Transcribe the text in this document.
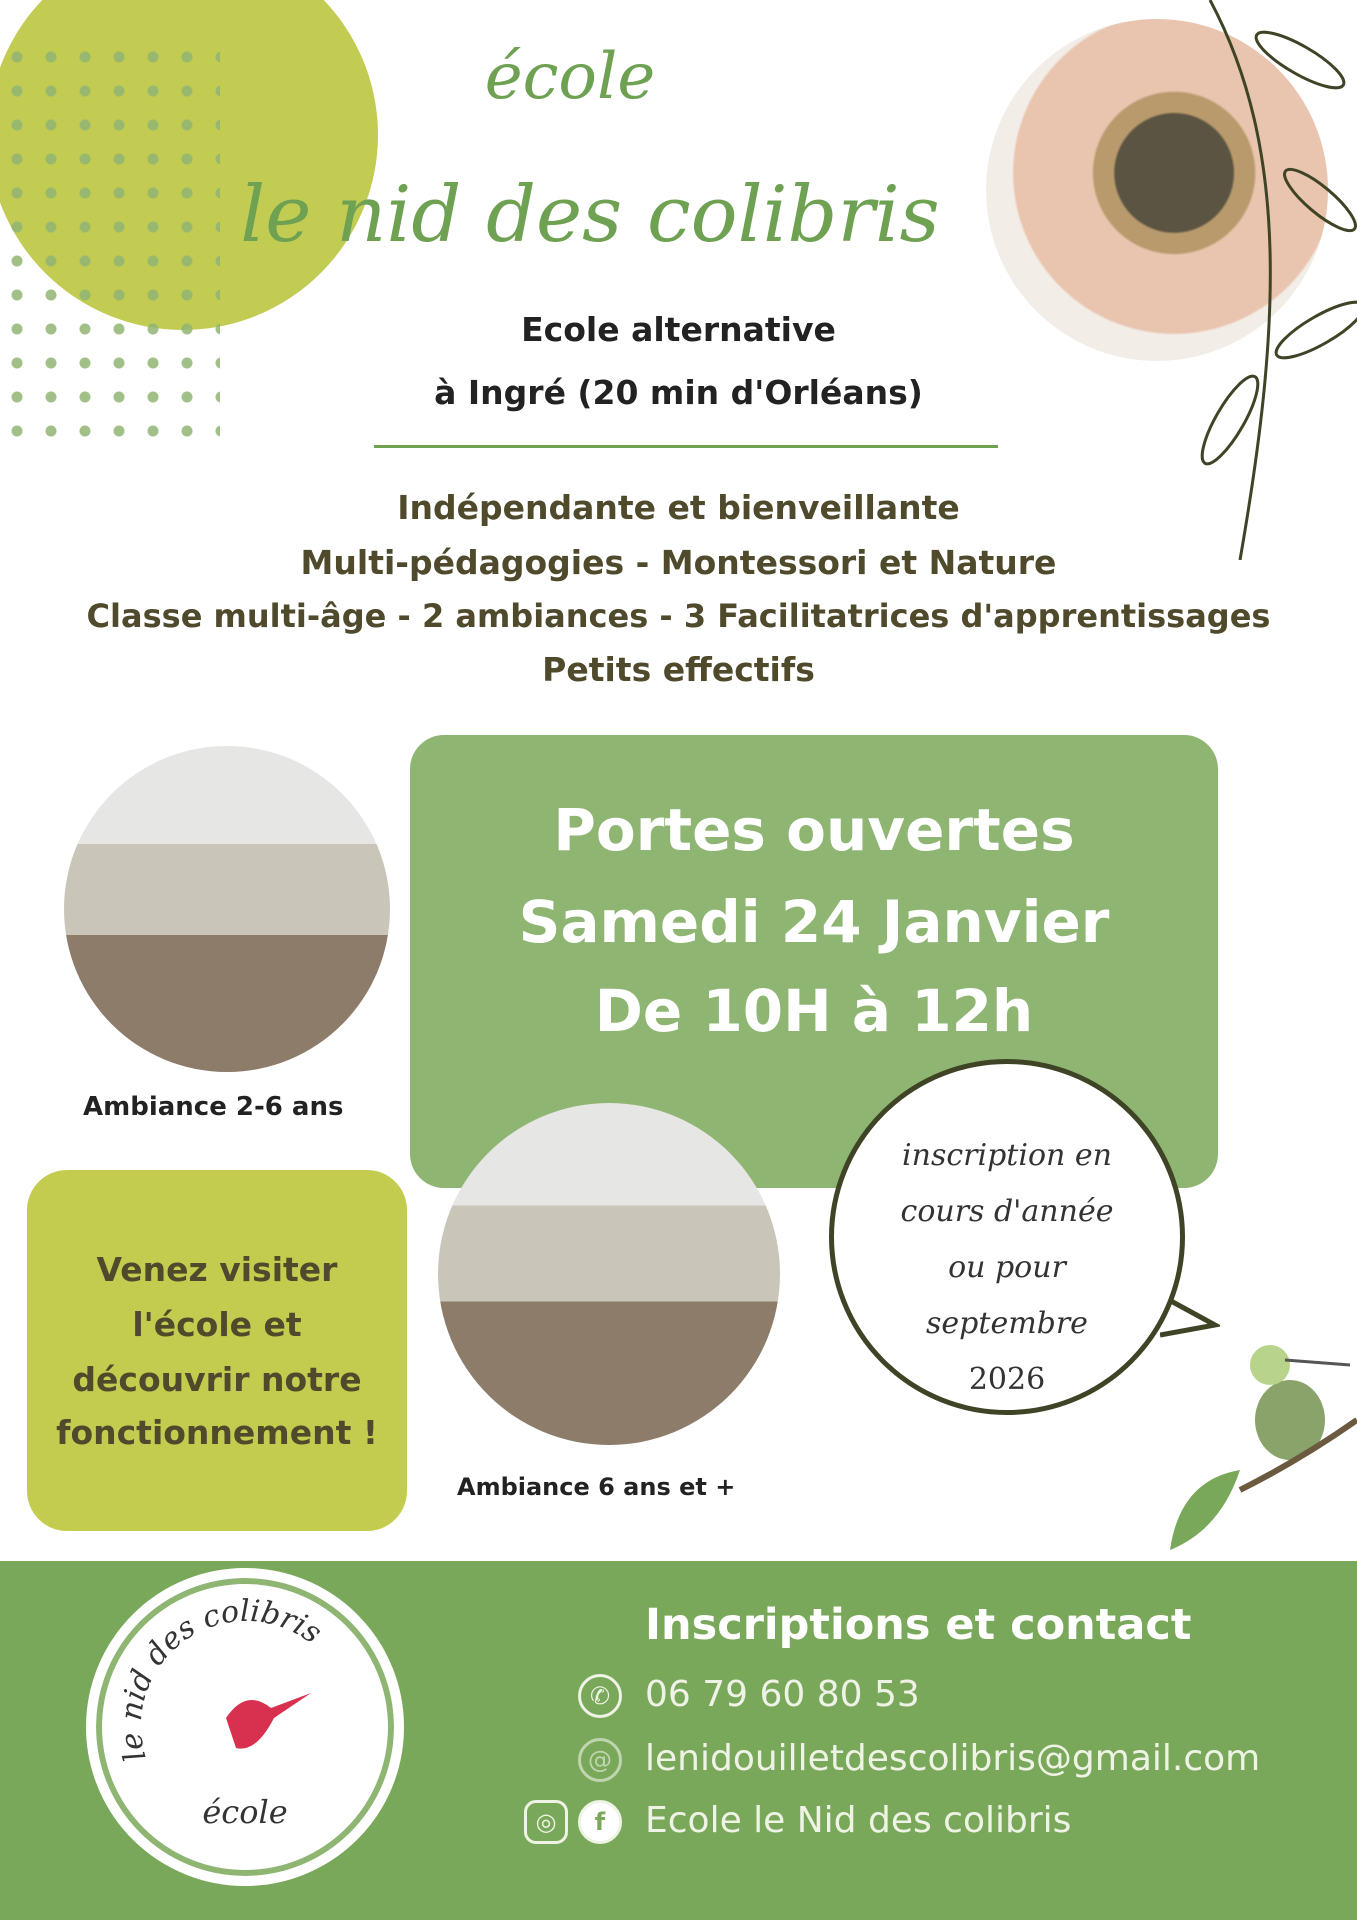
école
le nid des colibris
Ecole alternative
à Ingré (20 min d'Orléans)
Indépendante et bienveillante
Multi-pédagogies - Montessori et Nature
Classe multi-âge - 2 ambiances - 3 Facilitatrices d'apprentissages
Petits effectifs
Portes ouvertes
Samedi 24 Janvier
De 10H à 12h
Ambiance 2-6 ans
Venez visiter
l'école et
découvrir notre
fonctionnement !
Ambiance 6 ans et +
inscription en
cours d'année
ou pour
septembre
2026
le nid des colibris
école
Inscriptions et contact
✆ 06 79 60 80 53
@ lenidouilletdescolibris@gmail.com
◎	f	Ecole le Nid des colibris
